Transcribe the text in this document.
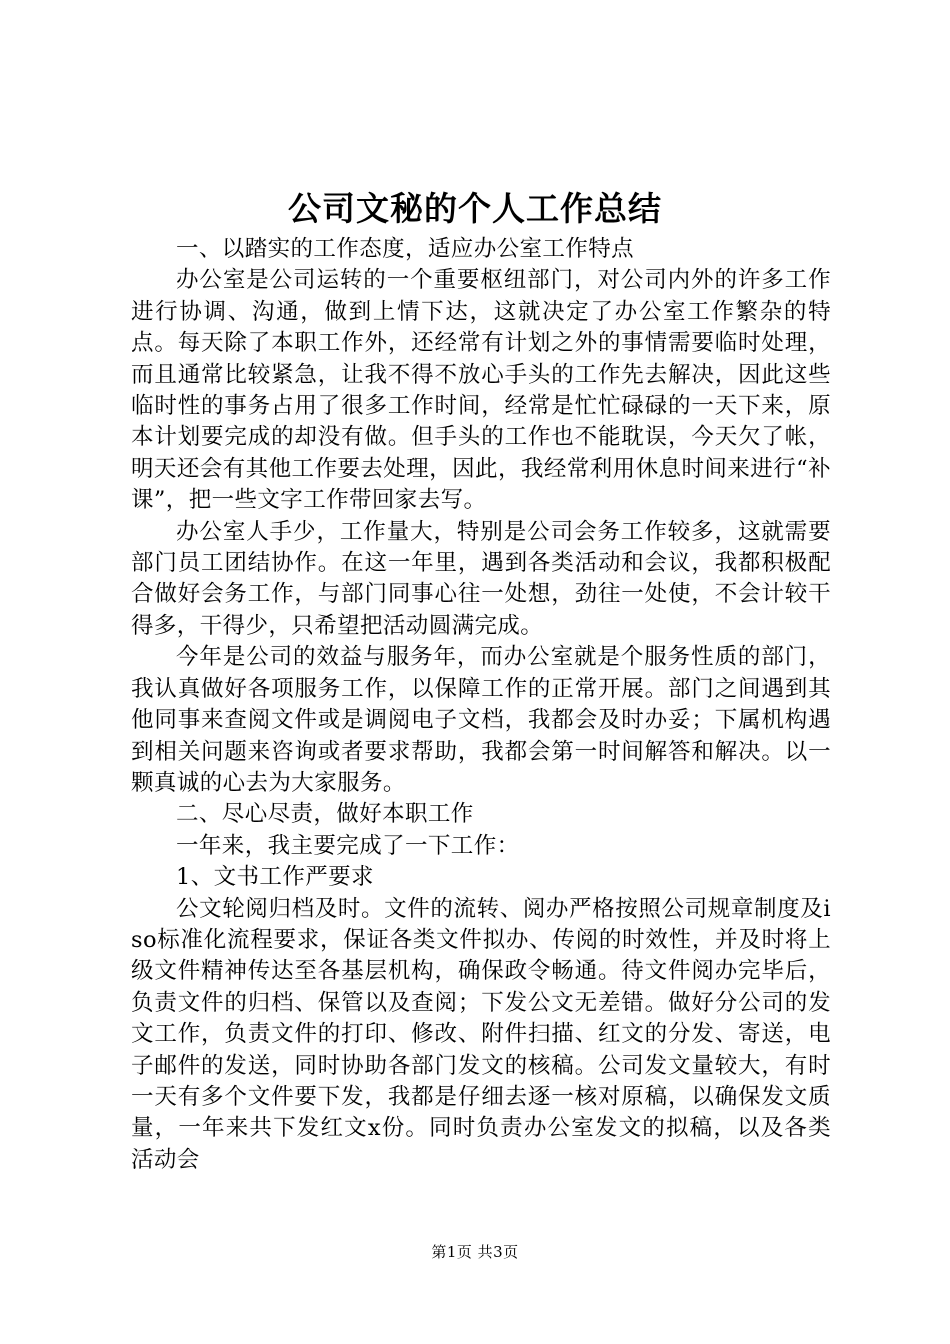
公司文秘的个人工作总结

一、以踏实的工作态度，适应办公室工作特点

办公室是公司运转的一个重要枢纽部门，对公司内外的许多工作进行协调、沟通，做到上情下达，这就决定了办公室工作繁杂的特点。每天除了本职工作外，还经常有计划之外的事情需要临时处理，而且通常比较紧急，让我不得不放心手头的工作先去解决，因此这些临时性的事务占用了很多工作时间，经常是忙忙碌碌的一天下来，原本计划要完成的却没有做。但手头的工作也不能耽误，今天欠了帐，明天还会有其他工作要去处理，因此，我经常利用休息时间来进行“补课”，把一些文字工作带回家去写。

办公室人手少，工作量大，特别是公司会务工作较多，这就需要部门员工团结协作。在这一年里，遇到各类活动和会议，我都积极配合做好会务工作，与部门同事心往一处想，劲往一处使，不会计较干得多，干得少，只希望把活动圆满完成。

今年是公司的效益与服务年，而办公室就是个服务性质的部门，我认真做好各项服务工作，以保障工作的正常开展。部门之间遇到其他同事来查阅文件或是调阅电子文档，我都会及时办妥；下属机构遇到相关问题来咨询或者要求帮助，我都会第一时间解答和解决。以一颗真诚的心去为大家服务。

二、尽心尽责，做好本职工作

一年来，我主要完成了一下工作：

1、文书工作严要求

公文轮阅归档及时。文件的流转、阅办严格按照公司规章制度及iso标准化流程要求，保证各类文件拟办、传阅的时效性，并及时将上级文件精神传达至各基层机构，确保政令畅通。待文件阅办完毕后，负责文件的归档、保管以及查阅；下发公文无差错。做好分公司的发文工作，负责文件的打印、修改、附件扫描、红文的分发、寄送，电子邮件的发送，同时协助各部门发文的核稿。公司发文量较大，有时一天有多个文件要下发，我都是仔细去逐一核对原稿，以确保发文质量，一年来共下发红文x份。同时负责办公室发文的拟稿，以及各类活动会

第1页 共3页
